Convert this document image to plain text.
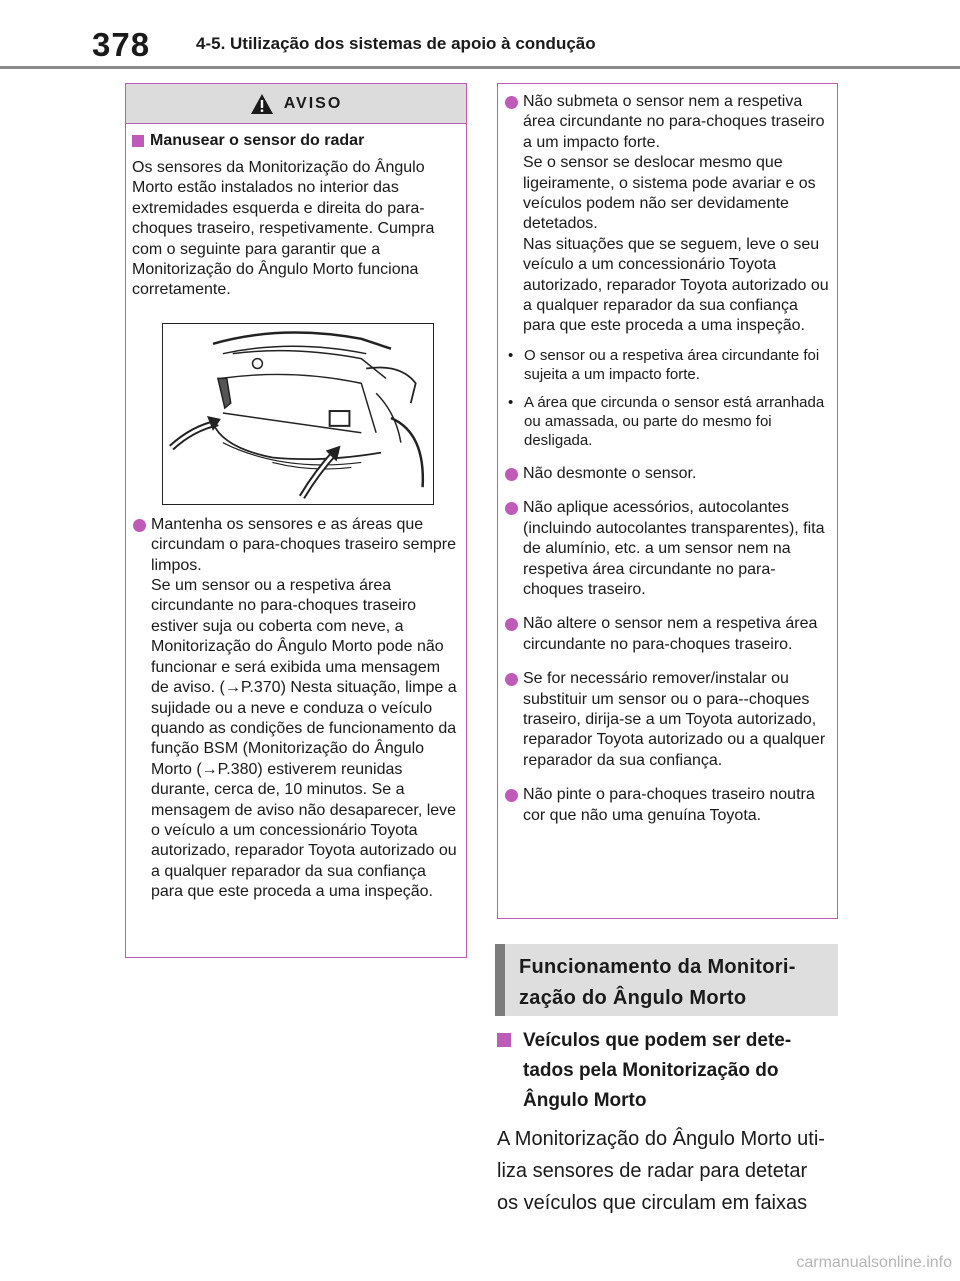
378	4-5. Utilização dos sistemas de apoio à condução
AVISO
Manusear o sensor do radar

Os sensores da Monitorização do Ângulo Morto estão instalados no interior das extremidades esquerda e direita do para-choques traseiro, respetivamente. Cumpra com o seguinte para garantir que a Monitorização do Ângulo Morto funciona corretamente.

Mantenha os sensores e as áreas que circundam o para-choques traseiro sempre limpos.
Se um sensor ou a respetiva área circundante no para-choques traseiro estiver suja ou coberta com neve, a Monitorização do Ângulo Morto pode não funcionar e será exibida uma mensagem de aviso. (→P.370) Nesta situação, limpe a sujidade ou a neve e conduza o veículo quando as condições de funcionamento da função BSM (Monitorização do Ângulo Morto (→P.380) estiverem reunidas durante, cerca de, 10 minutos. Se a mensagem de aviso não desaparecer, leve o veículo a um concessionário Toyota autorizado, reparador Toyota autorizado ou a qualquer reparador da sua confiança para que este proceda a uma inspeção.
Não submeta o sensor nem a respetiva área circundante no para-choques traseiro a um impacto forte.
Se o sensor se deslocar mesmo que ligeiramente, o sistema pode avariar e os veículos podem não ser devidamente detetados.
Nas situações que se seguem, leve o seu veículo a um concessionário Toyota autorizado, reparador Toyota autorizado ou a qualquer reparador da sua confiança para que este proceda a uma inspeção.
• O sensor ou a respetiva área circundante foi sujeita a um impacto forte.
• A área que circunda o sensor está arranhada ou amassada, ou parte do mesmo foi desligada.
Não desmonte o sensor.
Não aplique acessórios, autocolantes (incluindo autocolantes transparentes), fita de alumínio, etc. a um sensor nem na respetiva área circundante no para-choques traseiro.
Não altere o sensor nem a respetiva área circundante no para-choques traseiro.
Se for necessário remover/instalar ou substituir um sensor ou o para--choques traseiro, dirija-se a um Toyota autorizado, reparador Toyota autorizado ou a qualquer reparador da sua confiança.
Não pinte o para-choques traseiro noutra cor que não uma genuína Toyota.
Funcionamento da Monitori-
zação do Ângulo Morto
Veículos que podem ser dete-
tados pela Monitorização do
Ângulo Morto
A Monitorização do Ângulo Morto uti-
liza sensores de radar para detetar
os veículos que circulam em faixas
carmanualsonline.info
